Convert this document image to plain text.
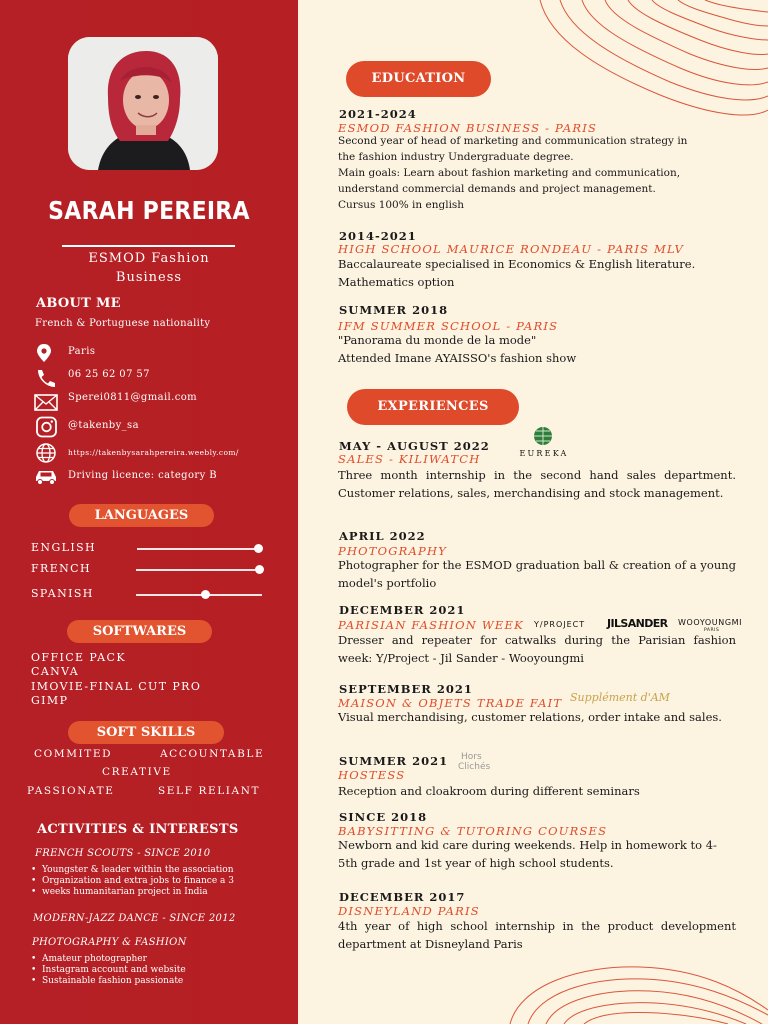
SARAH PEREIRA
ESMOD Fashion
Business
ABOUT ME
French & Portuguese nationality
Paris
06 25 62 07 57
Sperei0811@gmail.com
@takenby_sa
https://takenbysarahpereira.weebly.com/
Driving licence: category B
LANGUAGES
ENGLISH
FRENCH
SPANISH
SOFTWARES
OFFICE PACK
CANVA
IMOVIE-FINAL CUT PRO
GIMP
SOFT SKILLS
COMMITED	ACCOUNTABLE
CREATIVE
PASSIONATE	SELF RELIANT
ACTIVITIES & INTERESTS
FRENCH SCOUTS - SINCE 2010
• Youngster & leader within the association
• Organization and extra jobs to finance a 3
• weeks humanitarian project in India
MODERN-JAZZ DANCE - SINCE 2012
PHOTOGRAPHY & FASHION
• Amateur photographer
• Instagram account and website
• Sustainable fashion passionate
EDUCATION
2021-2024
ESMOD FASHION BUSINESS - PARIS
Second year of head of marketing and communication strategy in
the fashion industry Undergraduate degree.
Main goals: Learn about fashion marketing and communication,
understand commercial demands and project management.
Cursus 100% in english
2014-2021
HIGH SCHOOL MAURICE RONDEAU - PARIS MLV
Baccalaureate specialised in Economics & English literature.
Mathematics option
SUMMER 2018
IFM SUMMER SCHOOL - PARIS
"Panorama du monde de la mode"
Attended Imane AYAISSO's fashion show
EXPERIENCES
MAY - AUGUST 2022
SALES - KILIWATCH
Three month internship in the second hand sales department. Customer relations, sales, merchandising and stock management.
EUREKA
APRIL 2022
PHOTOGRAPHY
Photographer for the ESMOD graduation ball & creation of a young model's portfolio
DECEMBER 2021
PARISIAN FASHION WEEK
Dresser and repeater for catwalks during the Parisian fashion week: Y/Project - Jil Sander - Wooyoungmi
Y/PROJECT JILSANDER WOOYOUNGMI
PARIS
SEPTEMBER 2021
MAISON & OBJETS TRADE FAIT
Visual merchandising, customer relations, order intake and sales.
Supplément d'AM
SUMMER 2021
HOSTESS
Reception and cloakroom during different seminars
Hors
Clichés
SINCE 2018
BABYSITTING & TUTORING COURSES
Newborn and kid care during weekends. Help in homework to 4-5th grade and 1st year of high school students.
DECEMBER 2017
DISNEYLAND PARIS
4th year of high school internship in the product development department at Disneyland Paris
